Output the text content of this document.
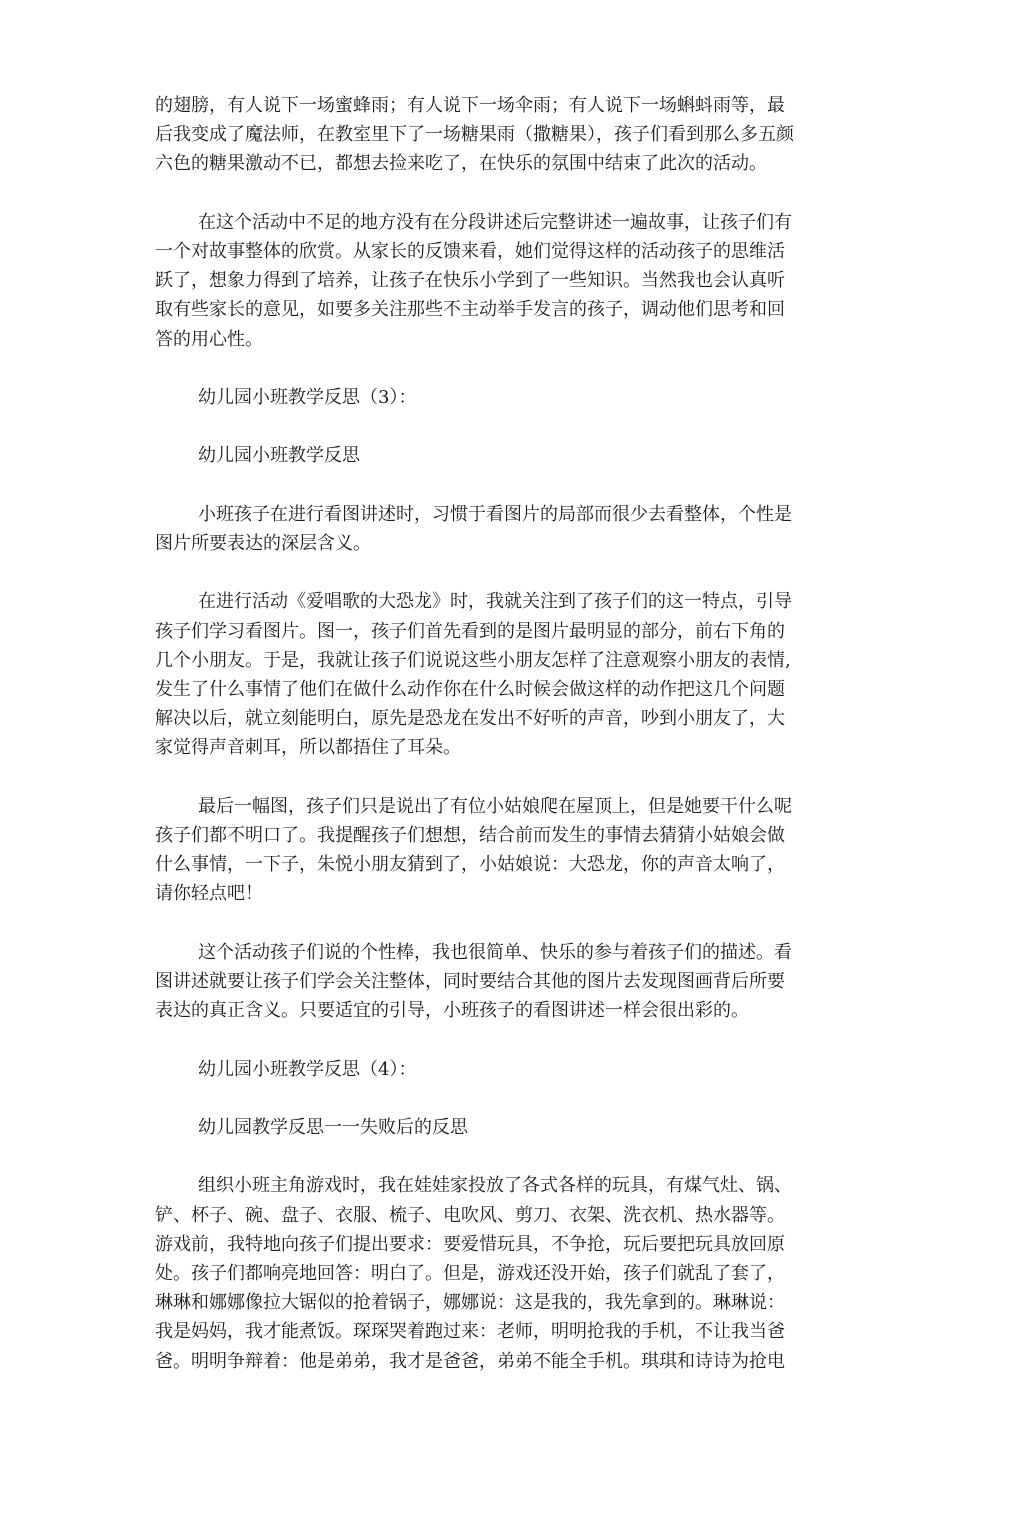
的翅膀，有人说下一场蜜蜂雨；有人说下一场伞雨；有人说下一场蝌蚪雨等，最
后我变成了魔法师，在教室里下了一场糖果雨（撒糖果），孩子们看到那么多五颜
六色的糖果激动不已，都想去捡来吃了，在快乐的氛围中结束了此次的活动。

在这个活动中不足的地方没有在分段讲述后完整讲述一遍故事，让孩子们有
一个对故事整体的欣赏。从家长的反馈来看，她们觉得这样的活动孩子的思维活
跃了，想象力得到了培养，让孩子在快乐小学到了一些知识。当然我也会认真听
取有些家长的意见，如要多关注那些不主动举手发言的孩子，调动他们思考和回
答的用心性。

幼儿园小班教学反思（3）：

幼儿园小班教学反思

小班孩子在进行看图讲述时，习惯于看图片的局部而很少去看整体，个性是
图片所要表达的深层含义。

在进行活动《爱唱歌的大恐龙》时，我就关注到了孩子们的这一特点，引导
孩子们学习看图片。图一，孩子们首先看到的是图片最明显的部分，前右下角的
几个小朋友。于是，我就让孩子们说说这些小朋友怎样了注意观察小朋友的表情,
发生了什么事情了他们在做什么动作你在什么时候会做这样的动作把这几个问题
解决以后，就立刻能明白，原先是恐龙在发出不好听的声音，吵到小朋友了，大
家觉得声音刺耳，所以都捂住了耳朵。

最后一幅图，孩子们只是说出了有位小姑娘爬在屋顶上，但是她要干什么呢
孩子们都不明口了。我提醒孩子们想想，结合前而发生的事情去猜猜小姑娘会做
什么事情，一下子，朱悦小朋友猜到了，小姑娘说：大恐龙，你的声音太响了，
请你轻点吧！

这个活动孩子们说的个性棒，我也很简单、快乐的参与着孩子们的描述。看
图讲述就要让孩子们学会关注整体，同时要结合其他的图片去发现图画背后所要
表达的真正含义。只要适宜的引导，小班孩子的看图讲述一样会很出彩的。

幼儿园小班教学反思（4）：

幼儿园教学反思一一失败后的反思

组织小班主角游戏时，我在娃娃家投放了各式各样的玩具，有煤气灶、锅、
铲、杯子、碗、盘子、衣服、梳子、电吹风、剪刀、衣架、洗衣机、热水器等。
游戏前，我特地向孩子们提出要求：要爱惜玩具，不争抢，玩后要把玩具放回原
处。孩子们都响亮地回答：明白了。但是，游戏还没开始，孩子们就乱了套了，
琳琳和娜娜像拉大锯似的抢着锅子，娜娜说：这是我的，我先拿到的。琳琳说：
我是妈妈，我才能煮饭。琛琛哭着跑过来：老师，明明抢我的手机，不让我当爸
爸。明明争辩着：他是弟弟，我才是爸爸，弟弟不能全手机。琪琪和诗诗为抢电
